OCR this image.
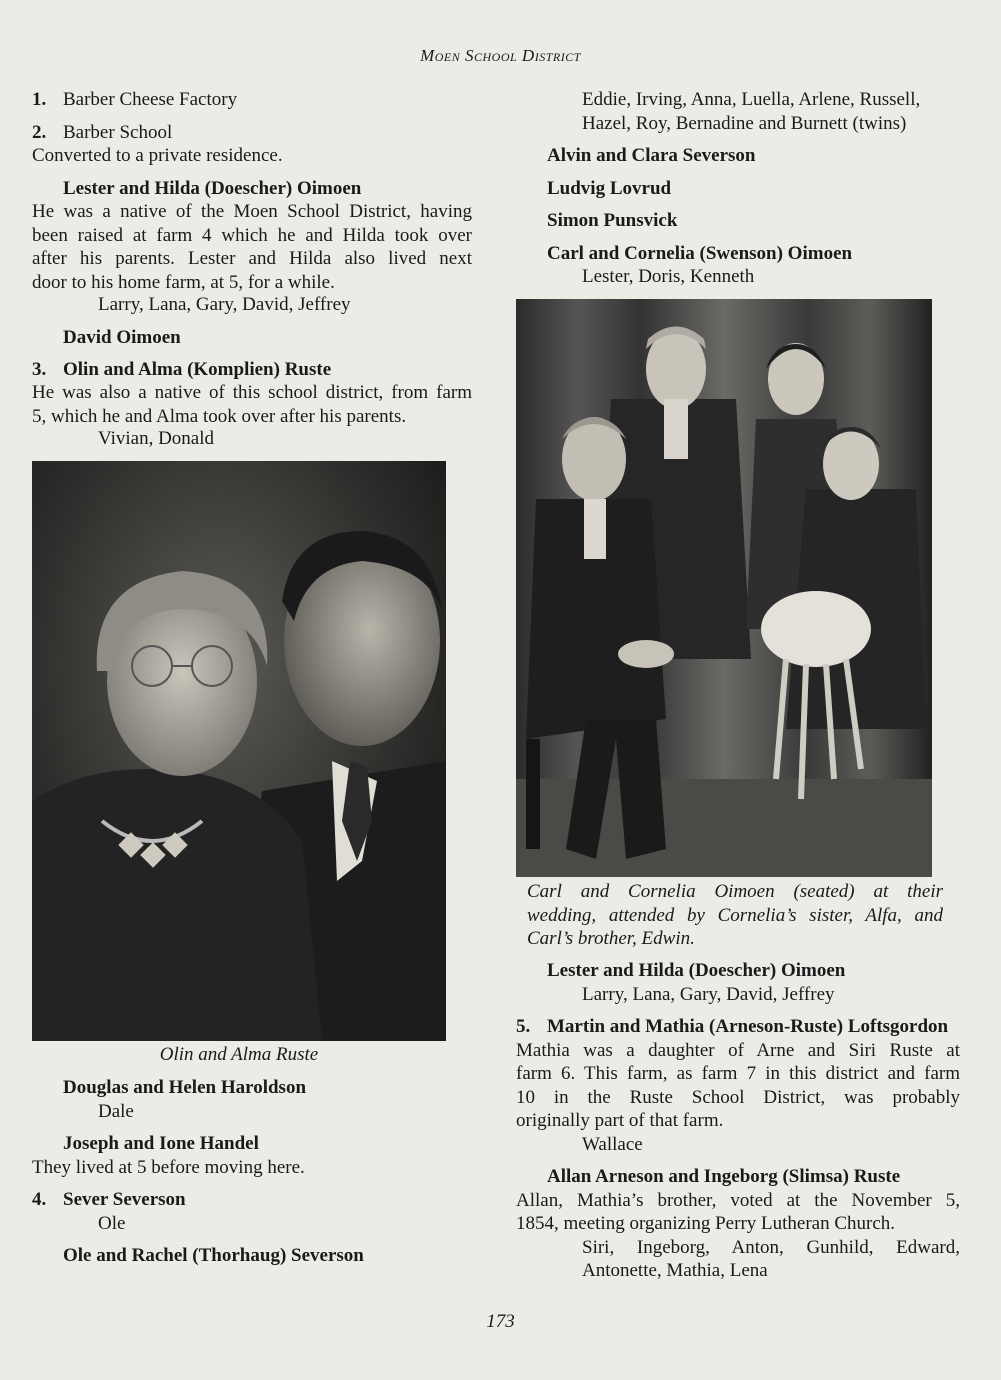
Moen School District
1. Barber Cheese Factory
2. Barber School
Converted to a private residence.
Lester and Hilda (Doescher) Oimoen
He was a native of the Moen School District, having
been raised at farm 4 which he and Hilda took over
after his parents. Lester and Hilda also lived next
door to his home farm, at 5, for a while.
Larry, Lana, Gary, David, Jeffrey
David Oimoen
3. Olin and Alma (Komplien) Ruste
He was also a native of this school district, from farm
5, which he and Alma took over after his parents.
Vivian, Donald
Olin and Alma Ruste
Douglas and Helen Haroldson
Dale
Joseph and Ione Handel
They lived at 5 before moving here.
4. Sever Severson
Ole
Ole and Rachel (Thorhaug) Severson
Eddie, Irving, Anna, Luella, Arlene, Russell,
Hazel, Roy, Bernadine and Burnett (twins)
Alvin and Clara Severson
Ludvig Lovrud
Simon Punsvick
Carl and Cornelia (Swenson) Oimoen
Lester, Doris, Kenneth
Carl and Cornelia Oimoen (seated) at their
wedding, attended by Cornelia’s sister, Alfa, and
Carl’s brother, Edwin.
Lester and Hilda (Doescher) Oimoen
Larry, Lana, Gary, David, Jeffrey
5. Martin and Mathia (Arneson-Ruste) Loftsgordon
Mathia was a daughter of Arne and Siri Ruste at
farm 6. This farm, as farm 7 in this district and farm
10 in the Ruste School District, was probably
originally part of that farm.
Wallace
Allan Arneson and Ingeborg (Slimsa) Ruste
Allan, Mathia’s brother, voted at the November 5,
1854, meeting organizing Perry Lutheran Church.
Siri, Ingeborg, Anton, Gunhild, Edward,
Antonette, Mathia, Lena
173
